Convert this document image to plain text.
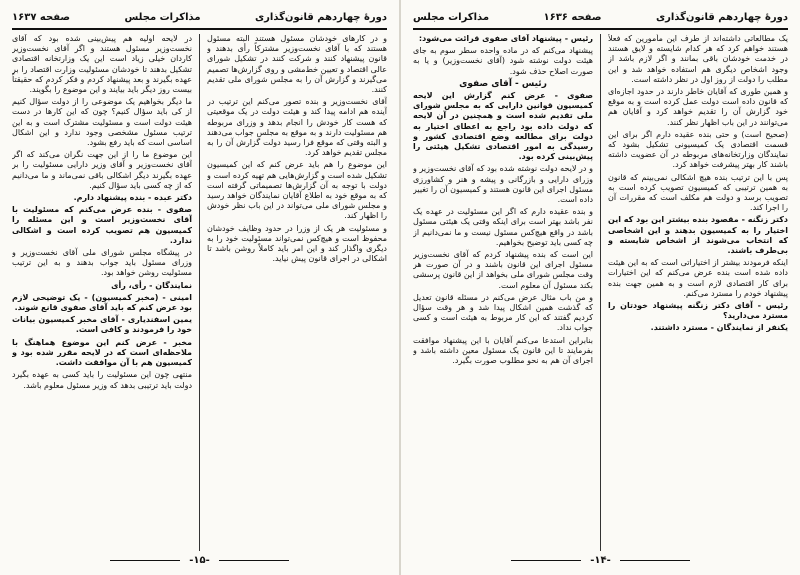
دورهٔ چهاردهم قانون‌گذاری
مذاکرات مجلس
صفحه ۱۶۳۷

و در کارهای خودشان مسئول هستند البته مسئول هستند که با آقای نخست‌وزیر مشترکاً رأی بدهند و قانون پیشنهاد کنند و شرکت کنند در تشکیل شورای عالی اقتصاد و تعیین خط‌مشی و روی گزارش‌ها تصمیم می‌گیرند و گزارش آن را به مجلس شورای ملی تقدیم کنند.

آقای نخست‌وزیر و بنده تصور می‌کنم این ترتیب در آینده هم ادامه پیدا کند و هیئت دولت در یک موقعیتی که هست کار خودش را انجام بدهد و وزرای مربوطه هم مسئولیت دارند و به موقع به مجلس جواب می‌دهند و البته وقتی که موقع فرا رسید دولت گزارش آن را به مجلس تقدیم خواهد کرد.

این موضوع را هم باید عرض کنم که این کمیسیون تشکیل شده است و گزارش‌هایی هم تهیه کرده است و دولت با توجه به آن گزارش‌ها تصمیماتی گرفته است که به موقع خود به اطلاع آقایان نمایندگان خواهد رسید و مجلس شورای ملی می‌تواند در این باب نظر خودش را اظهار کند.

و مسئولیت هر یک از وزرا در حدود وظایف خودشان محفوظ است و هیچ‌کس نمی‌تواند مسئولیت خود را به دیگری واگذار کند و این امر باید کاملاً روشن باشد تا اشکالی در اجرای قانون پیش نیاید.

در لایحه اولیه هم پیش‌بینی شده بود که آقای نخست‌وزیر مسئول هستند و اگر آقای نخست‌وزیر کاردان خیلی زیاد است این یک وزارتخانه اقتصادی تشکیل بدهند تا خودشان مسئولیت وزارت اقتصاد را بر عهده بگیرند و بعد پیشنهاد کردم و فکر کردم که حقیقتاً بیست روز دیگر باید بیایند و این موضوع را بگویند.

ما دیگر بخواهیم یک موضوعی را از دولت سؤال کنیم از کی باید سؤال کنیم؟ چون که این کارها در دست هیئت دولت است و مسئولیت مشترک است و به این ترتیب مسئول مشخصی وجود ندارد و این اشکال اساسی است که باید رفع بشود.

این موضوع ما را از این جهت نگران می‌کند که اگر آقای نخست‌وزیر و آقای وزیر دارایی مسئولیت را بر عهده بگیرند دیگر اشکالی باقی نمی‌ماند و ما می‌دانیم که از چه کسی باید سؤال کنیم.

دکتر عبده - بنده پیشنهاد دارم.

صفوی - بنده عرض می‌کنم که مسئولیت با آقای نخست‌وزیر است و این مسئله را کمیسیون هم تصویب کرده است و اشکالی ندارد.

در پیشگاه مجلس شورای ملی آقای نخست‌وزیر و وزرای مسئول باید جواب بدهند و به این ترتیب مسئولیت روشن خواهد بود.

نمایندگان - رأی، رأی

امینی - (مخبر کمیسیون) - یک توضیحی لازم بود عرض کنم که باید آقای صفوی قانع شوند.

یمین اسفندیاری - آقای مخبر کمیسیون بیانات خود را فرمودند و کافی است.

مخبر - عرض کنم این موضوع هماهنگ با ملاحظه‌ای است که در لایحه مقرر شده بود و کمیسیون هم با آن موافقت داشت.

منتهی چون این مسئولیت را باید کسی به عهده بگیرد دولت باید ترتیبی بدهد که وزیر مسئول معلوم باشد.

-۱۵-
دورهٔ چهاردهم قانون‌گذاری
صفحه ۱۶۳۶
مذاکرات مجلس

یک مطالعاتی داشته‌اند از طرف این مأمورین که فعلاً هستند خواهم کرد که هر کدام شایسته و لایق هستند در خدمت خودشان باقی بمانند و اگر لازم باشد از وجود اشخاص دیگری هم استفاده خواهد شد و این مطلب را دولت از روز اول در نظر داشته است.

و همین طوری که آقایان خاطر دارند در حدود اجازه‌ای که قانون داده است دولت عمل کرده است و به موقع خود گزارش آن را تقدیم خواهد کرد و آقایان هم می‌توانند در این باب اظهار نظر کنند.

(صحیح است) و حتی بنده عقیده دارم اگر برای این قسمت اقتصادی یک کمیسیونی تشکیل بشود که نمایندگان وزارتخانه‌های مربوطه در آن عضویت داشته باشند کار بهتر پیشرفت خواهد کرد.

پس با این ترتیب بنده هیچ اشکالی نمی‌بینم که قانون به همین ترتیبی که کمیسیون تصویب کرده است به تصویب برسد و دولت هم مکلف است که مقررات آن را اجرا کند.

دکتر زنگنه - مقصود بنده بیشتر این بود که این اختیار را به کمیسیون بدهند و این اشخاصی که انتخاب می‌شوند از اشخاص شایسته و بی‌طرف باشند.

اینکه فرمودند بیشتر از اختیاراتی است که به این هیئت داده شده است بنده عرض می‌کنم که این اختیارات برای کار اقتصادی لازم است و به همین جهت بنده پیشنهاد خودم را مسترد می‌کنم.

رئیس - آقای دکتر زنگنه پیشنهاد خودتان را مسترد می‌دارید؟

یکنفر از نمایندگان - مسترد داشتند.

رئیس - پیشنهاد آقای صفوی قرائت می‌شود:

پیشنهاد می‌کنم که در ماده واحده سطر سوم به جای هیئت دولت نوشته شود (آقای نخست‌وزیر) و یا به صورت اصلاح حذف شود.

رئیس - آقای صفوی

صفوی - عرض کنم گزارش این لایحه کمیسیون قوانین دارایی که به مجلس شورای ملی تقدیم شده است و همچنین در آن لایحه که دولت داده بود راجع به اعطای اختیار به دولت برای مطالعه وضع اقتصادی کشور و رسیدگی به امور اقتصادی تشکیل هیئتی را پیش‌بینی کرده بود.

و در لایحه دولت نوشته شده بود که آقای نخست‌وزیر و وزرای دارایی و بازرگانی و پیشه و هنر و کشاورزی مسئول اجرای این قانون هستند و کمیسیون آن را تغییر داده است.

و بنده عقیده دارم که اگر این مسئولیت در عهده یک نفر باشد بهتر است برای اینکه وقتی یک هیئتی مسئول باشد در واقع هیچ‌کس مسئول نیست و ما نمی‌دانیم از چه کسی باید توضیح بخواهیم.

این است که بنده پیشنهاد کردم که آقای نخست‌وزیر مسئول اجرای این قانون باشند و در آن صورت هر وقت مجلس شورای ملی بخواهد از این قانون پرسشی بکند مسئول آن معلوم است.

و من باب مثال عرض می‌کنم در مسئله قانون تعدیل که گذشت همین اشکال پیدا شد و هر وقت سؤال کردیم گفتند که این کار مربوط به هیئت است و کسی جواب نداد.

بنابراین استدعا می‌کنم آقایان با این پیشنهاد موافقت بفرمایند تا این قانون یک مسئول معین داشته باشد و اجرای آن هم به نحو مطلوب صورت بگیرد.

-۱۴-
